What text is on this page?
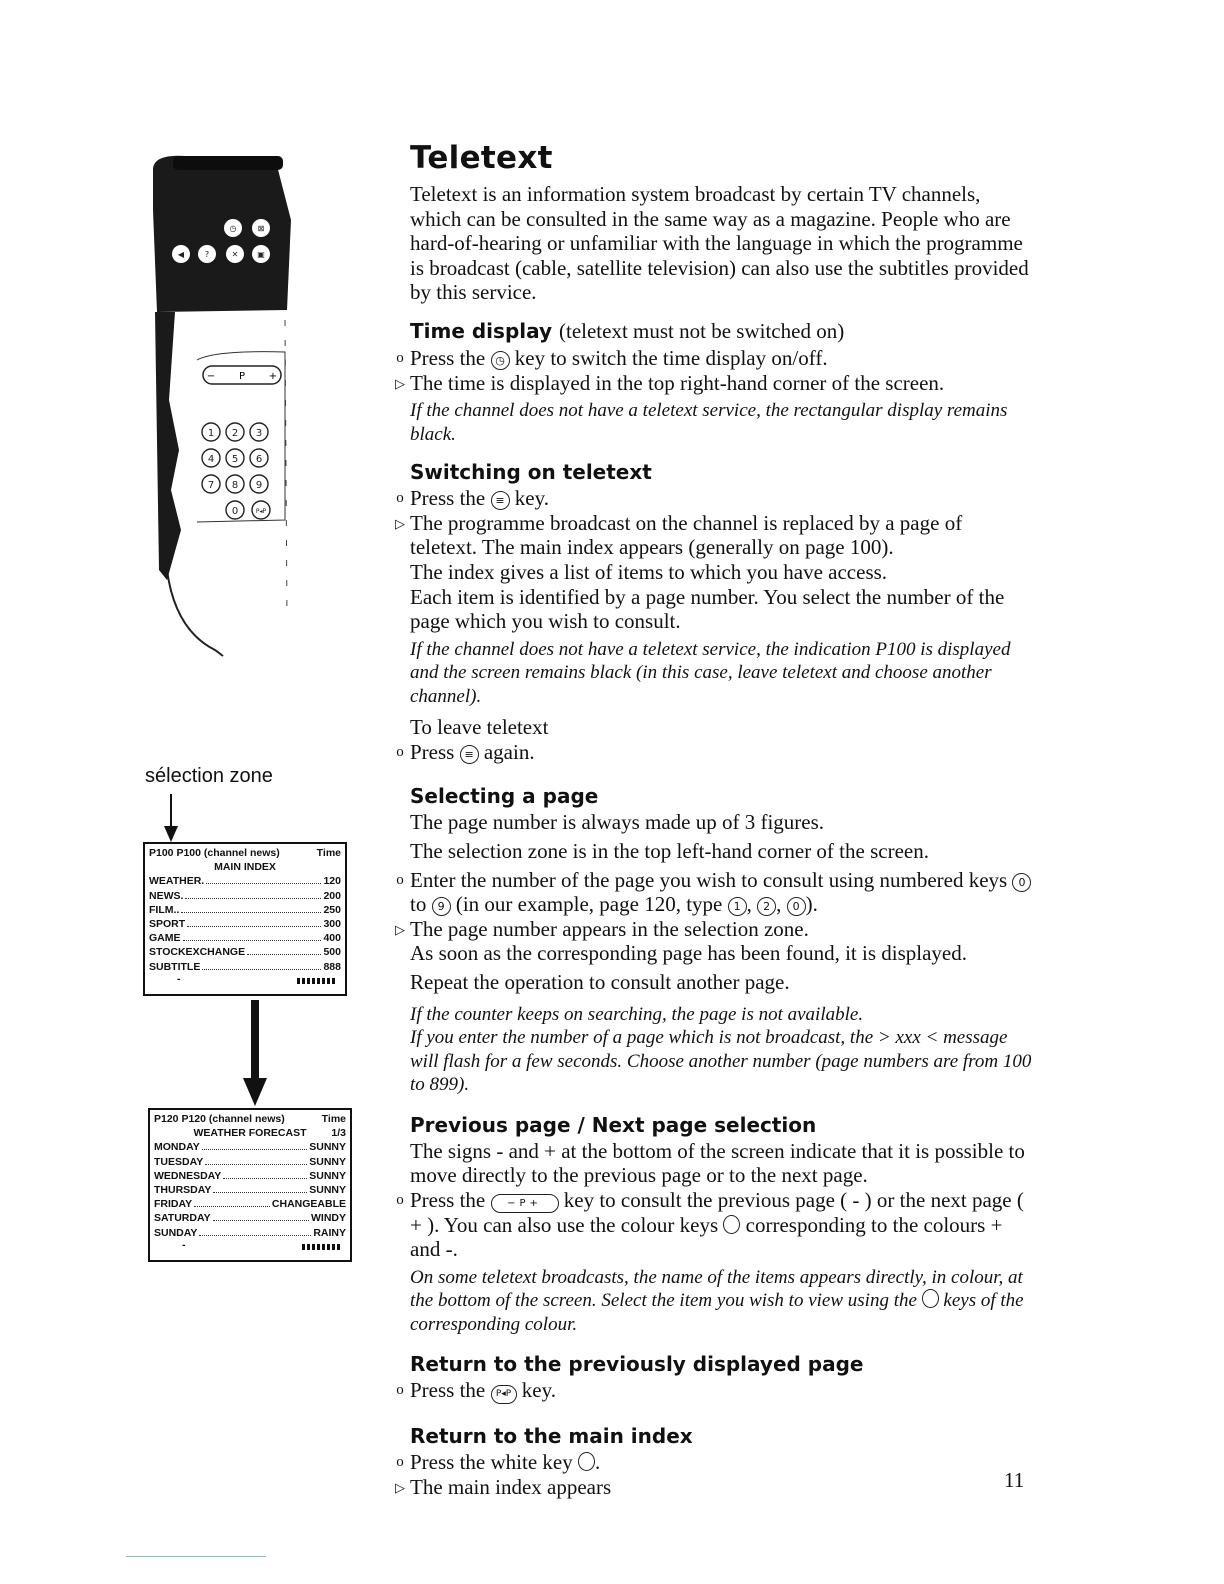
◷	⊠
◀	?	✕ ▣
P
−	+
1 2 3
4 5 6
7 8 9
0	P◂P
sélection zone
P100 P100 (channel news)	Time
MAIN INDEX
WEATHER.	120
NEWS.	200
FILM..	250
SPORT	300
GAME	400
STOCKEXCHANGE	500
SUBTITLE	888
-
P120 P120 (channel news)	Time
WEATHER FORECAST 1/3
MONDAY	SUNNY
TUESDAY	SUNNY
WEDNESDAY	SUNNY
THURSDAY	SUNNY
FRIDAY	CHANGEABLE
SATURDAY	WINDY
SUNDAY	RAINY
-
Teletext

Teletext is an information system broadcast by certain TV channels, which can be consulted in the same way as a magazine. People who are hard-of-hearing or unfamiliar with the language in which the programme is broadcast (cable, satellite television) can also use the subtitles provided by this service.

Time display (teletext must not be switched on)
o Press the ◷ key to switch the time display on/off.
▷ The time is displayed in the top right-hand corner of the screen.

If the channel does not have a teletext service, the rectangular display remains black.

Switching on teletext
o Press the ≡ key.
▷ The programme broadcast on the channel is replaced by a page of teletext. The main index appears (generally on page 100).

The index gives a list of items to which you have access.

Each item is identified by a page number. You select the number of the page which you wish to consult.

If the channel does not have a teletext service, the indication P100 is displayed and the screen remains black (in this case, leave teletext and choose another channel).

To leave teletext

o Press ≡ again.
Selecting a page

The page number is always made up of 3 figures.

The selection zone is in the top left-hand corner of the screen.

o Enter the number of the page you wish to consult using numbered keys 0 to 9 (in our example, page 120, type 1 , 2 , 0 ).
▷ The page number appears in the selection zone.

As soon as the corresponding page has been found, it is displayed.

Repeat the operation to consult another page.

If the counter keeps on searching, the page is not available.

If you enter the number of a page which is not broadcast, the > xxx < message will flash for a few seconds. Choose another number (page numbers are from 100 to 899).

Previous page / Next page selection

The signs - and + at the bottom of the screen indicate that it is possible to move directly to the previous page or to the next page.

o Press the −P+ key to consult the previous page ( - ) or the next page ( + ). You can also use the colour keys corresponding to the colours + and -.

On some teletext broadcasts, the name of the items appears directly, in colour, at the bottom of the screen. Select the item you wish to view using the keys of the corresponding colour.

Return to the previously displayed page
o Press the P◂P key.
Return to the main index
o Press the white key .
▷ The main index appears	11
